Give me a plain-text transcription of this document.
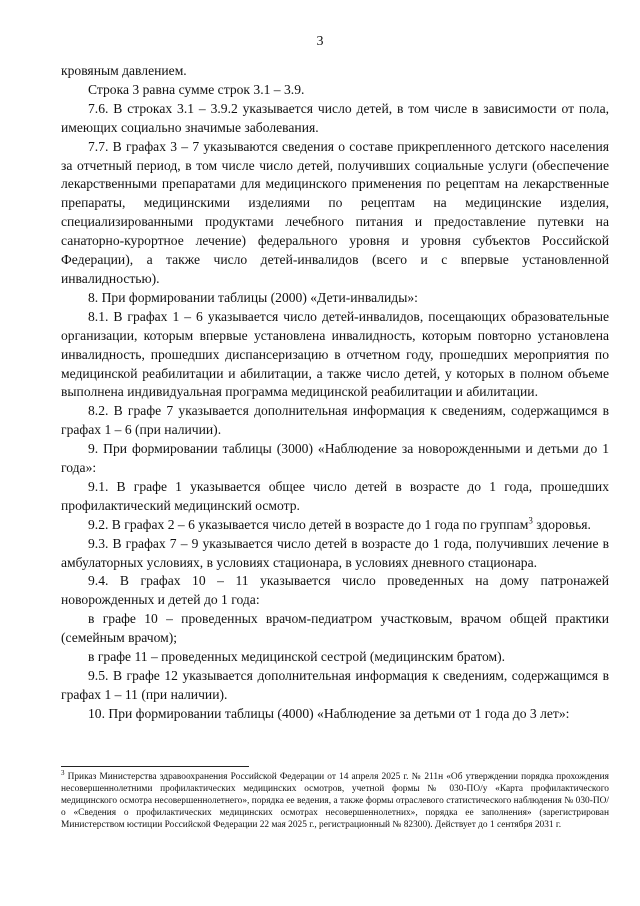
3

кровяным давлением.

Строка 3 равна сумме строк 3.1 – 3.9.

7.6. В строках 3.1 – 3.9.2 указывается число детей, в том числе в зависимости от пола, имеющих социально значимые заболевания.

7.7. В графах 3 – 7 указываются сведения о составе прикрепленного детского населения за отчетный период, в том числе число детей, получивших социальные услуги (обеспечение лекарственными препаратами для медицинского применения по рецептам на лекарственные препараты, медицинскими изделиями по рецептам на медицинские изделия, специализированными продуктами лечебного питания и предоставление путевки на санаторно-курортное лечение) федерального уровня и уровня субъектов Российской Федерации), а также число детей-инвалидов (всего и с впервые установленной инвалидностью).

8. При формировании таблицы (2000) «Дети-инвалиды»:

8.1. В графах 1 – 6 указывается число детей-инвалидов, посещающих образовательные организации, которым впервые установлена инвалидность, которым повторно установлена инвалидность, прошедших диспансеризацию в отчетном году, прошедших мероприятия по медицинской реабилитации и абилитации, а также число детей, у которых в полном объеме выполнена индивидуальная программа медицинской реабилитации и абилитации.

8.2. В графе 7 указывается дополнительная информация к сведениям, содержащимся в графах 1 – 6 (при наличии).

9. При формировании таблицы (3000) «Наблюдение за новорожденными и детьми до 1 года»:

9.1. В графе 1 указывается общее число детей в возрасте до 1 года, прошедших профилактический медицинский осмотр.

9.2. В графах 2 – 6 указывается число детей в возрасте до 1 года по группам$^3$ здоровья.

9.3. В графах 7 – 9 указывается число детей в возрасте до 1 года, получивших лечение в амбулаторных условиях, в условиях стационара, в условиях дневного стационара.

9.4. В графах 10 – 11 указывается число проведенных на дому патронажей новорожденных и детей до 1 года:

в графе 10 – проведенных врачом-педиатром участковым, врачом общей практики (семейным врачом);

в графе 11 – проведенных медицинской сестрой (медицинским братом).

9.5. В графе 12 указывается дополнительная информация к сведениям, содержащимся в графах 1 – 11 (при наличии).

10. При формировании таблицы (4000) «Наблюдение за детьми от 1 года до 3 лет»:

$^3$ Приказ Министерства здравоохранения Российской Федерации от 14 апреля 2025 г. № 211н «Об утверждении порядка прохождения несовершеннолетними профилактических медицинских осмотров, учетной формы № 030-ПО/у «Карта профилактического медицинского осмотра несовершеннолетнего», порядка ее ведения, а также формы отраслевого статистического наблюдения № 030-ПО/о «Сведения о профилактических медицинских осмотрах несовершеннолетних», порядка ее заполнения» (зарегистрирован Министерством юстиции Российской Федерации 22 мая 2025 г., регистрационный № 82300). Действует до 1 сентября 2031 г.
